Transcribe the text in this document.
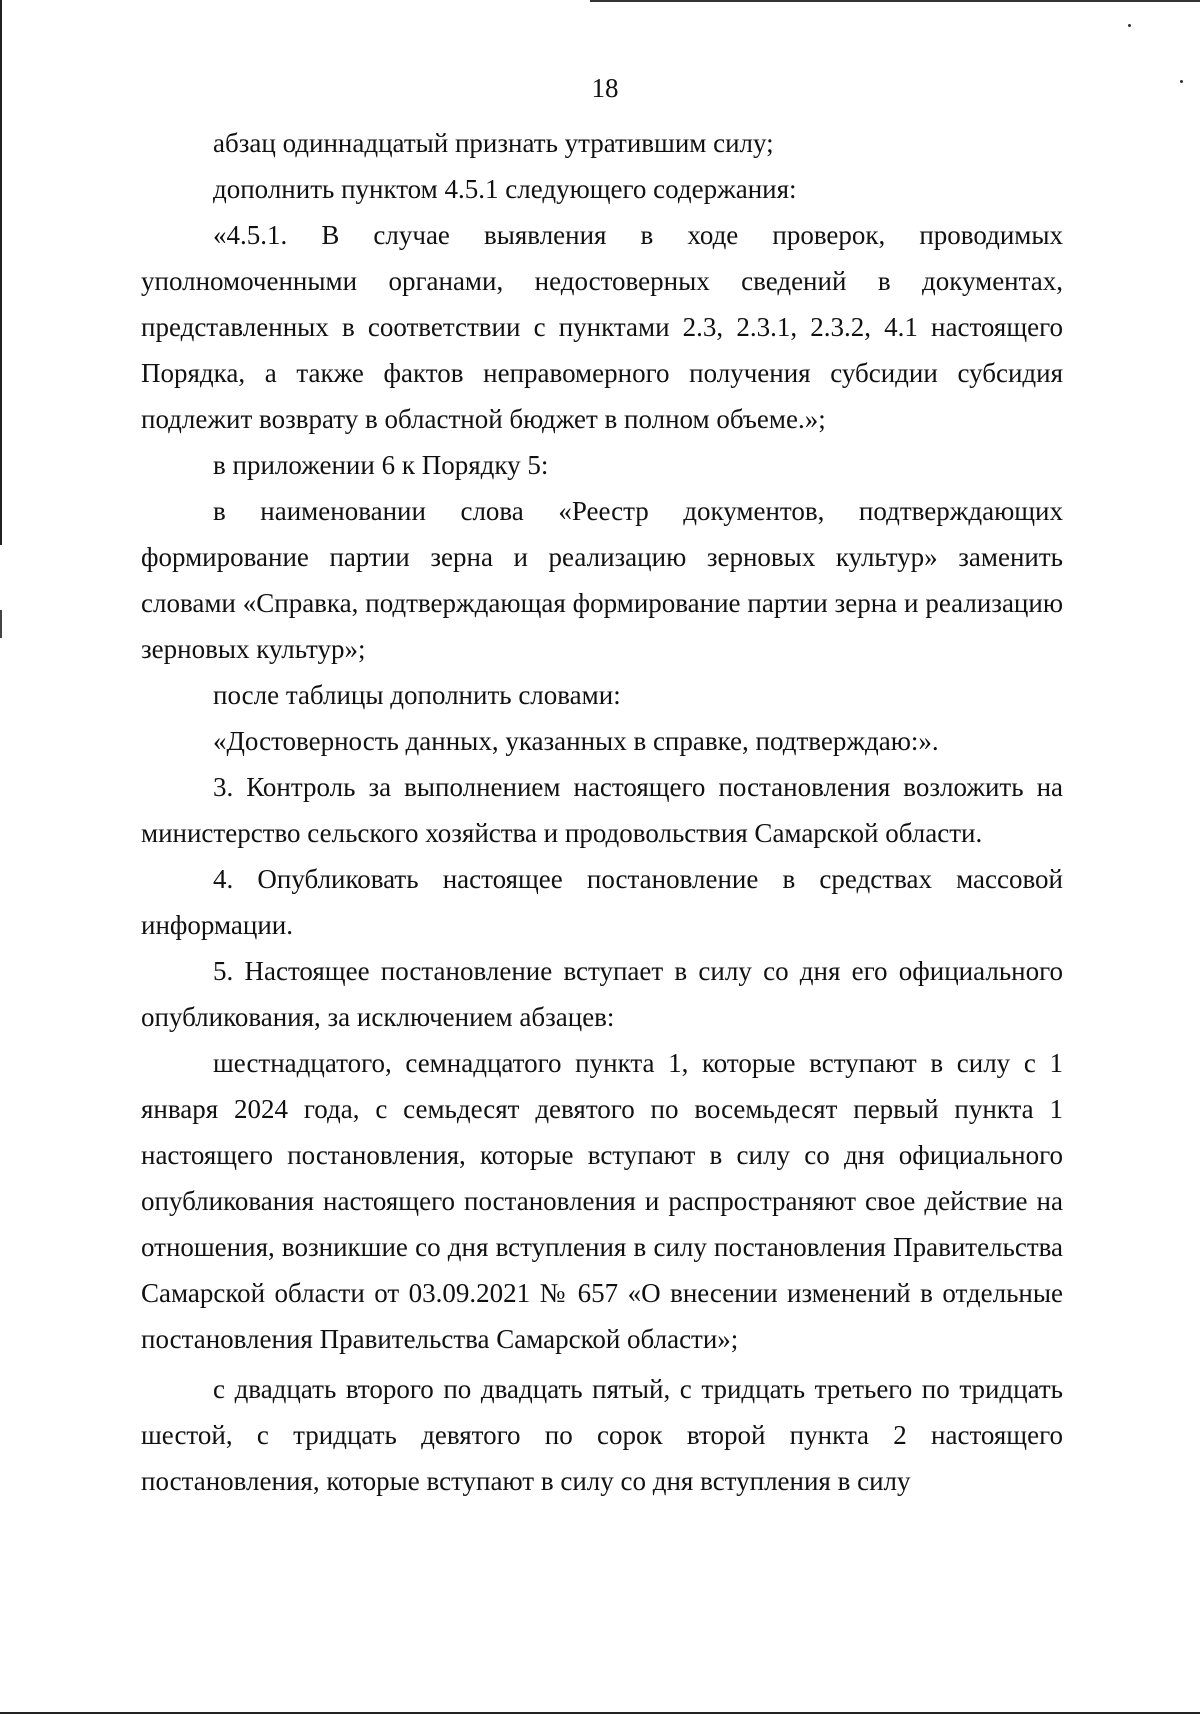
18

абзац одиннадцатый признать утратившим силу;

дополнить пунктом 4.5.1 следующего содержания:

«4.5.1. В случае выявления в ходе проверок, проводимых уполномоченными органами, недостоверных сведений в документах, представленных в соответствии с пунктами 2.3, 2.3.1, 2.3.2, 4.1 настоящего Порядка, а также фактов неправомерного получения субсидии субсидия подлежит возврату в областной бюджет в полном объеме.»;

в приложении 6 к Порядку 5:

в наименовании слова «Реестр документов, подтверждающих формирование партии зерна и реализацию зерновых культур» заменить словами «Справка, подтверждающая формирование партии зерна и реализацию зерновых культур»;

после таблицы дополнить словами:

«Достоверность данных, указанных в справке, подтверждаю:».

3. Контроль за выполнением настоящего постановления возложить на министерство сельского хозяйства и продовольствия Самарской области.

4. Опубликовать настоящее постановление в средствах массовой информации.

5. Настоящее постановление вступает в силу со дня его официального опубликования, за исключением абзацев:

шестнадцатого, семнадцатого пункта 1, которые вступают в силу с 1 января 2024 года, с семьдесят девятого по восемьдесят первый пункта 1 настоящего постановления, которые вступают в силу со дня официального опубликования настоящего постановления и распространяют свое действие на отношения, возникшие со дня вступления в силу постановления Правительства Самарской области от 03.09.2021 № 657 «О внесении изменений в отдельные постановления Правительства Самарской области»;

с двадцать второго по двадцать пятый, с тридцать третьего по тридцать шестой, с тридцать девятого по сорок второй пункта 2 настоящего постановления, которые вступают в силу со дня вступления в силу
